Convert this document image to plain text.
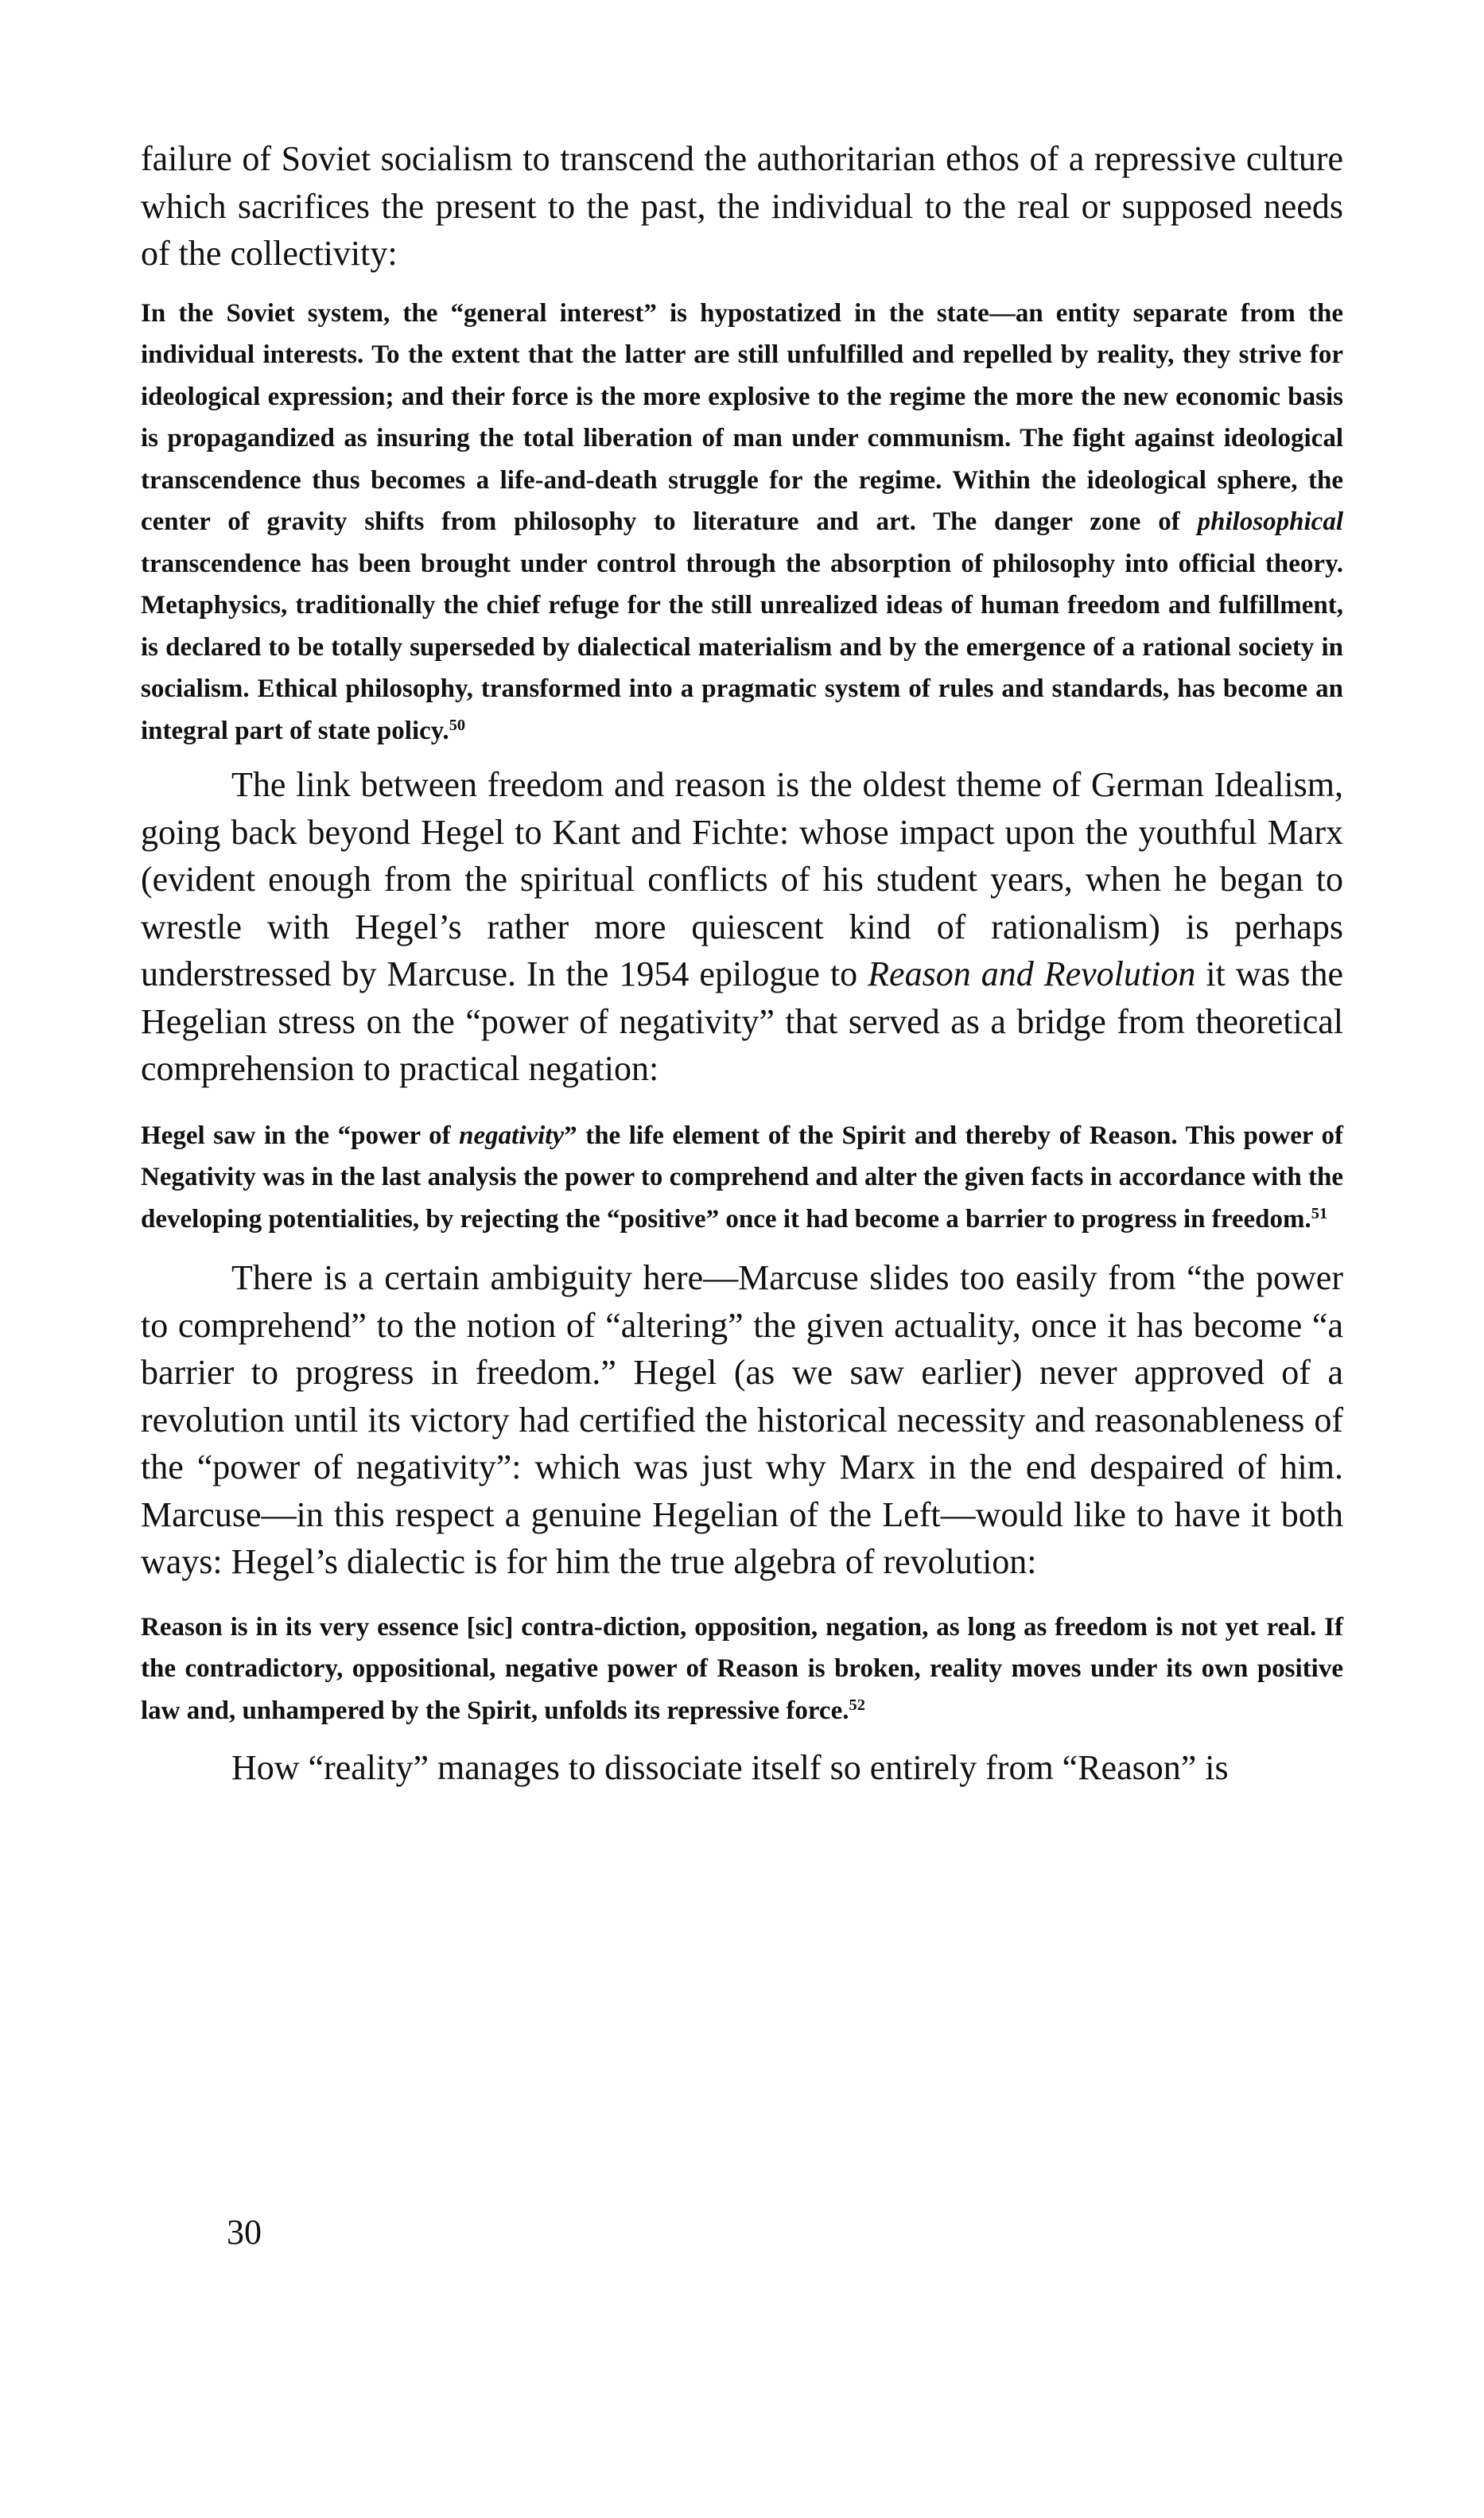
failure of Soviet socialism to transcend the authoritarian ethos of a repressive culture which sacrifices the present to the past, the individual to the real or supposed needs of the collectivity:

In the Soviet system, the “general interest” is hypostatized in the state—an entity separate from the individual interests. To the extent that the latter are still unfulfilled and repelled by reality, they strive for ideological expression; and their force is the more explosive to the regime the more the new economic basis is propagandized as insuring the total liberation of man under communism. The fight against ideological transcendence thus becomes a life-and-death struggle for the regime. Within the ideological sphere, the center of gravity shifts from philosophy to literature and art. The danger zone of philosophical transcendence has been brought under control through the absorption of philosophy into official theory. Metaphysics, traditionally the chief refuge for the still unrealized ideas of human freedom and fulfillment, is declared to be totally superseded by dialectical materialism and by the emergence of a rational society in socialism. Ethical philosophy, transformed into a pragmatic system of rules and standards, has become an integral part of state policy.$^{50}$

The link between freedom and reason is the oldest theme of German Idealism, going back beyond Hegel to Kant and Fichte: whose impact upon the youthful Marx (evident enough from the spiritual conflicts of his student years, when he began to wrestle with Hegel’s rather more quiescent kind of rationalism) is perhaps understressed by Marcuse. In the 1954 epilogue to Reason and Revolution it was the Hegelian stress on the “power of negativity” that served as a bridge from theoretical comprehension to practical negation:

Hegel saw in the “power of negativity” the life element of the Spirit and thereby of Reason. This power of Negativity was in the last analysis the power to comprehend and alter the given facts in accordance with the developing potentialities, by rejecting the “positive” once it had become a barrier to progress in freedom.$^{51}$

There is a certain ambiguity here—Marcuse slides too easily from “the power to comprehend” to the notion of “altering” the given actuality, once it has become “a barrier to progress in freedom.” Hegel (as we saw earlier) never approved of a revolution until its victory had certified the historical necessity and reasonableness of the “power of negativity”: which was just why Marx in the end despaired of him. Marcuse—in this respect a genuine Hegelian of the Left—would like to have it both ways: Hegel’s dialectic is for him the true algebra of revolution:

Reason is in its very essence [sic] contra-diction, opposition, negation, as long as freedom is not yet real. If the contradictory, oppositional, negative power of Reason is broken, reality moves under its own positive law and, unhampered by the Spirit, unfolds its repressive force.$^{52}$

How “reality” manages to dissociate itself so entirely from “Reason” is

30
